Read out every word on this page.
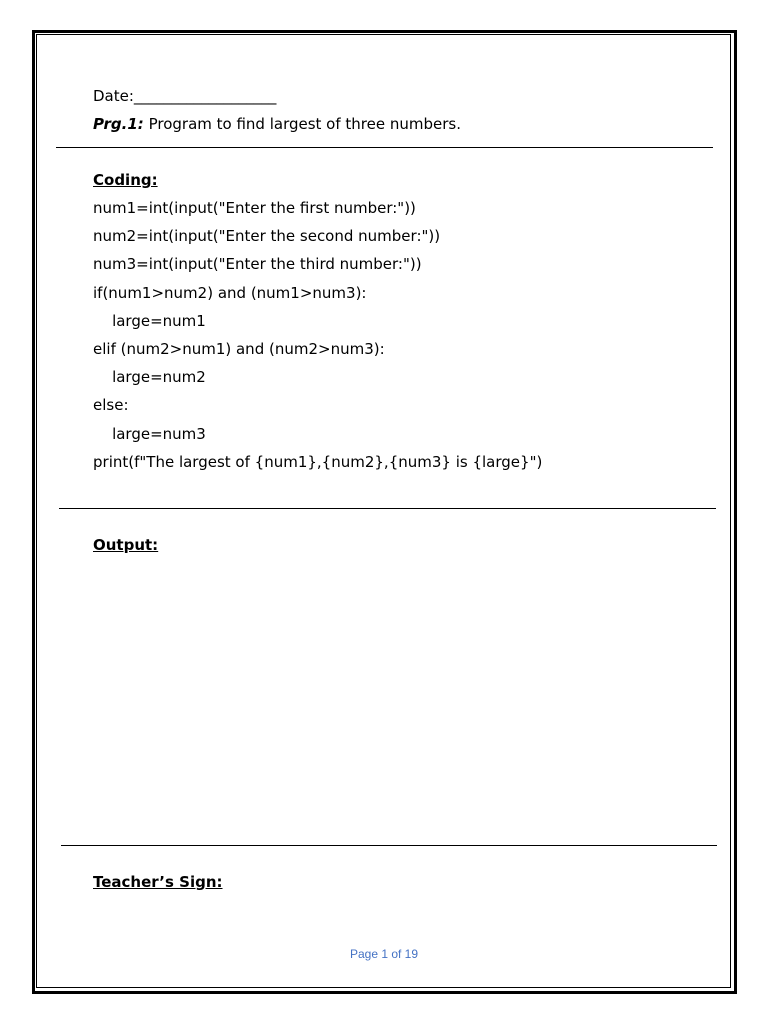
Date:___________________
Prg.1: Program to find largest of three numbers.
Coding:
num1=int(input("Enter the first number:"))
num2=int(input("Enter the second number:"))
num3=int(input("Enter the third number:"))
if(num1>num2) and (num1>num3):
large=num1
elif (num2>num1) and (num2>num3):
large=num2
else:
large=num3
print(f"The largest of {num1},{num2},{num3} is {large}")
Output:
Teacher’s Sign:
Page 1 of 19
